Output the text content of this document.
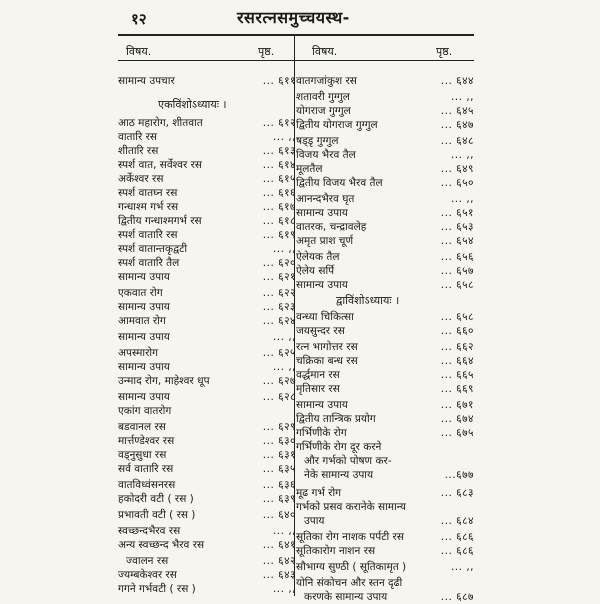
१२	रसरत्नसमुच्चयस्थ-
विषय.	पृष्ठ.	विषय.	पृष्ठ.
सामान्य उपचार	... ६११
एकविंशोऽध्यायः ।
आठ महारोग, शीतवात	... ६१२
वातारि रस	... ,,
शीतारि रस	... ६१३
स्पर्श वात, सर्वेश्वर रस	... ६१४
अर्केश्वर रस	... ६१५
स्पर्श वातघ्न रस	... ६१६
गन्धाश्म गर्भ रस	... ६१७
द्वितीय गन्धाश्मगर्भ रस	... ६१८
स्पर्श वातारि रस	... ६१९
स्पर्श वातान्तकृद्वटी	... ,,
स्पर्श वातारि तैल	... ६२०
सामान्य उपाय	... ६२१
एकवात रोग	... ६२२
सामान्य उपाय	... ६२३
आमवात रोग	... ६२४
सामान्य उपाय	... ,,
अपस्मारोग	... ६२५
सामान्य उपाय	... ,,
उन्माद रोग, माहेश्वर धूप	... ६२७
सामान्य उपाय	... ६२८
एकांग वातरोग
बडवानल रस	... ६२९
मार्त्तण्डेश्वर रस	... ६३०
वड्नुसुधा रस	... ६३१
सर्व वातारि रस	... ६३५
वातविध्वंसनरस	... ६३६
हकोदरी वटी ( रस )	... ६३९
प्रभावती वटी ( रस )	... ६४०
स्वच्छन्दभैरव रस	... ,,
अन्य स्वच्छन्द भैरव रस	... ६४१
ज्वालन रस	... ६४२
ज्यम्बकेश्वर रस	... ६४३
गगने गर्भवटी ( रस )	... ,,
वातगजांकुश रस	... ६४४
शतावरी गुग्गुल	... ,,
योगराज गुग्गुल	... ६४५
द्वितीय योगराज गुग्गुल	... ६४७
षड्डृ गुग्गुल	... ६४८
विजय भैरव तैल	... ,,
मूलतैल	... ६४९
द्वितीय विजय भैरव तैल	... ६५०
आनन्दभैरव घृत	... ,,
सामान्य उपाय	... ६५१
वातरक, चन्द्रावलेह	... ६५३
अमृत प्राश चूर्ण	... ६५४
ऐलेयक तैल	... ६५६
ऐलेय सर्पि	... ६५७
सामान्य उपाय	... ६५८
द्वाविंशोऽध्यायः ।
वन्ध्या चिकित्सा	... ६५८
जयसुन्दर रस	... ६६०
रत्न भागोत्तर रस	... ६६२
चक्रिका बन्ध रस	... ६६४
वर्द्धमान रस	... ६६५
मृतिसार रस	... ६६९
सामान्य उपाय	... ६७१
द्वितीय तान्त्रिक प्रयोग	... ६७४
गर्भिणीके रोग	... ६७५
गर्भिणीके रोग दूर करने
और गर्भको पोषण कर-
नेके सामान्य उपाय	...६७७
मूढ गर्भ रोग	... ६८३
गर्भको प्रसव करानेके सामान्य
उपाय	... ६८४
सूतिका रोग नाशक पर्पटी रस	... ६८६
सूतिकारोग नाशन रस	... ६८६
सौभाग्य सुण्ठी ( सूतिकामृत )	... ,,
योनि संकोचन और स्तन दृढी
करणके सामान्य उपाय	... ६८७
